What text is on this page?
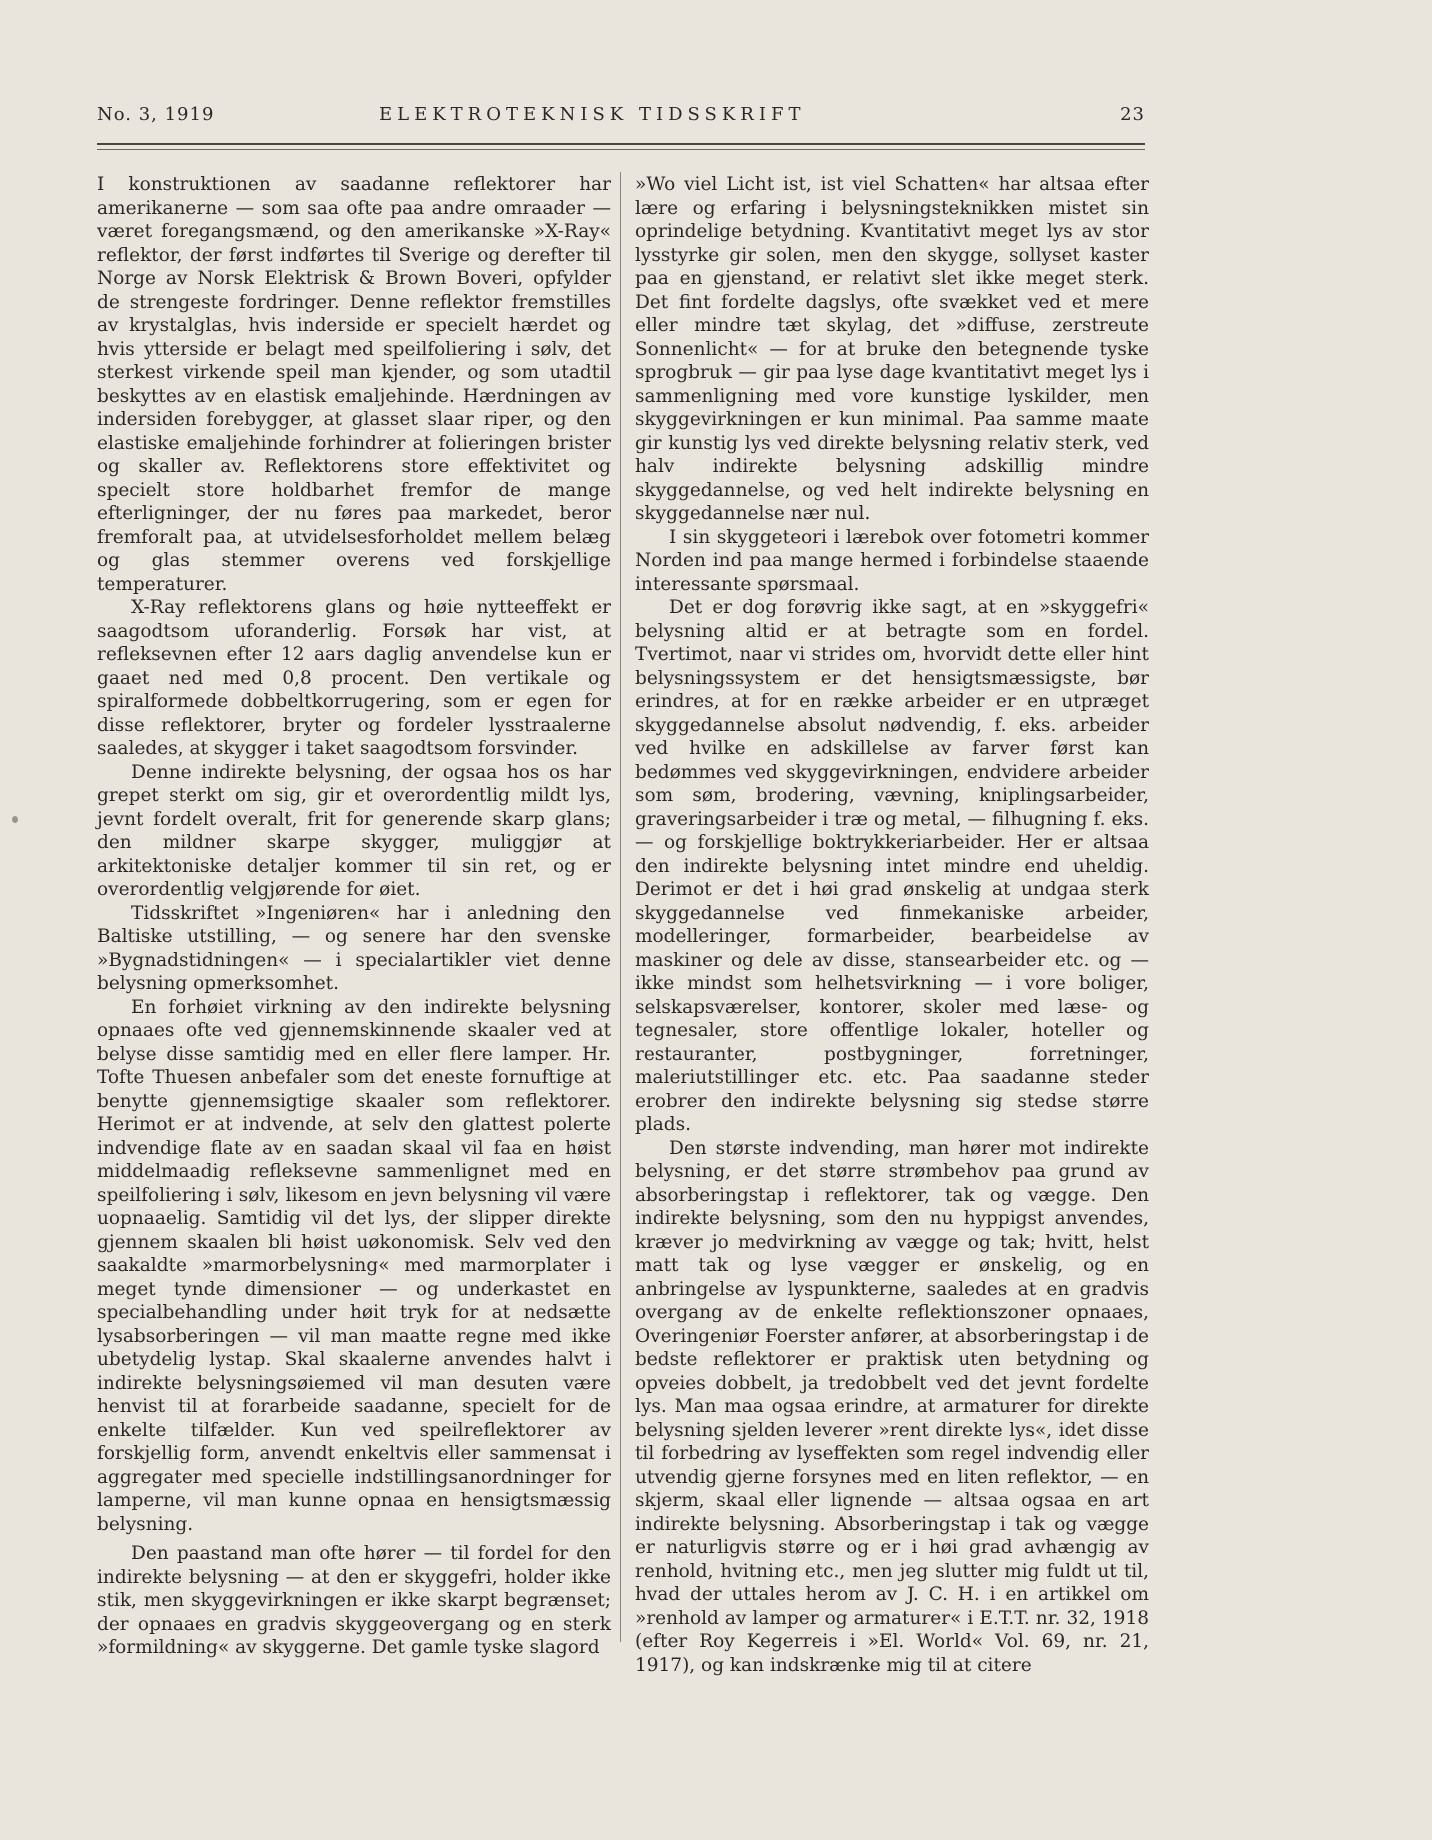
No. 3, 1919	ELEKTROTEKNISK TIDSSKRIFT	23

I konstruktionen av saadanne reflektorer har amerikanerne — som saa ofte paa andre omraader — været foregangsmænd, og den amerikanske »X-Ray« reflektor, der først indførtes til Sverige og derefter til Norge av Norsk Elektrisk & Brown Boveri, opfylder de strengeste fordringer. Denne reflektor fremstilles av krystalglas, hvis inderside er specielt hærdet og hvis ytterside er belagt med speilfoliering i sølv, det sterkest virkende speil man kjender, og som utadtil beskyttes av en elastisk emaljehinde. Hærdningen av indersiden forebygger, at glasset slaar riper, og den elastiske emaljehinde forhindrer at folieringen brister og skaller av. Reflektorens store effektivitet og specielt store holdbarhet fremfor de mange efterligninger, der nu føres paa markedet, beror fremforalt paa, at utvidelsesforholdet mellem belæg og glas stemmer overens ved forskjellige temperaturer.

X-Ray reflektorens glans og høie nytteeffekt er saagodtsom uforanderlig. Forsøk har vist, at refleksevnen efter 12 aars daglig anvendelse kun er gaaet ned med 0,8 procent. Den vertikale og spiralformede dobbeltkorrugering, som er egen for disse reflektorer, bryter og fordeler lysstraalerne saaledes, at skygger i taket saagodtsom forsvinder.

Denne indirekte belysning, der ogsaa hos os har grepet sterkt om sig, gir et overordentlig mildt lys, jevnt fordelt overalt, frit for generende skarp glans; den mildner skarpe skygger, muliggjør at arkitektoniske detaljer kommer til sin ret, og er overordentlig velgjørende for øiet.

Tidsskriftet »Ingeniøren« har i anledning den Baltiske utstilling, — og senere har den svenske »Bygnadstidningen« — i specialartikler viet denne belysning opmerksomhet.

En forhøiet virkning av den indirekte belysning opnaaes ofte ved gjennemskinnende skaaler ved at belyse disse samtidig med en eller flere lamper. Hr. Tofte Thuesen anbefaler som det eneste fornuftige at benytte gjennemsigtige skaaler som reflektorer. Herimot er at indvende, at selv den glattest polerte indvendige flate av en saadan skaal vil faa en høist middelmaadig refleksevne sammenlignet med en speilfoliering i sølv, likesom en jevn belysning vil være uopnaaelig. Samtidig vil det lys, der slipper direkte gjennem skaalen bli høist uøkonomisk. Selv ved den saakaldte »marmorbelysning« med marmorplater i meget tynde dimensioner — og underkastet en specialbehandling under høit tryk for at nedsætte lysabsorberingen — vil man maatte regne med ikke ubetydelig lystap. Skal skaalerne anvendes halvt i indirekte belysningsøiemed vil man desuten være henvist til at forarbeide saadanne, specielt for de enkelte tilfælder. Kun ved speilreflektorer av forskjellig form, anvendt enkeltvis eller sammensat i aggregater med specielle indstillingsanordninger for lamperne, vil man kunne opnaa en hensigtsmæssig belysning.

Den paastand man ofte hører — til fordel for den indirekte belysning — at den er skyggefri, holder ikke stik, men skyggevirkningen er ikke skarpt begrænset; der opnaaes en gradvis skyggeovergang og en sterk »formildning« av skyggerne. Det gamle tyske slagord

»Wo viel Licht ist, ist viel Schatten« har altsaa efter lære og erfaring i belysningsteknikken mistet sin oprindelige betydning. Kvantitativt meget lys av stor lysstyrke gir solen, men den skygge, sollyset kaster paa en gjenstand, er relativt slet ikke meget sterk. Det fint fordelte dagslys, ofte svækket ved et mere eller mindre tæt skylag, det »diffuse, zerstreute Sonnenlicht« — for at bruke den betegnende tyske sprogbruk — gir paa lyse dage kvantitativt meget lys i sammenligning med vore kunstige lyskilder, men skyggevirkningen er kun minimal. Paa samme maate gir kunstig lys ved direkte belysning relativ sterk, ved halv indirekte belysning adskillig mindre skyggedannelse, og ved helt indirekte belysning en skyggedannelse nær nul.

I sin skyggeteori i lærebok over fotometri kommer Norden ind paa mange hermed i forbindelse staaende interessante spørsmaal.

Det er dog forøvrig ikke sagt, at en »skyggefri« belysning altid er at betragte som en fordel. Tvertimot, naar vi strides om, hvorvidt dette eller hint belysningssystem er det hensigtsmæssigste, bør erindres, at for en række arbeider er en utpræget skyggedannelse absolut nødvendig, f. eks. arbeider ved hvilke en adskillelse av farver først kan bedømmes ved skyggevirkningen, endvidere arbeider som søm, brodering, vævning, kniplingsarbeider, graveringsarbeider i træ og metal, — filhugning f. eks. — og forskjellige boktrykkeriarbeider. Her er altsaa den indirekte belysning intet mindre end uheldig. Derimot er det i høi grad ønskelig at undgaa sterk skyggedannelse ved finmekaniske arbeider, modelleringer, formarbeider, bearbeidelse av maskiner og dele av disse, stansearbeider etc. og — ikke mindst som helhetsvirkning — i vore boliger, selskapsværelser, kontorer, skoler med læse- og tegnesaler, store offentlige lokaler, hoteller og restauranter, postbygninger, forretninger, maleriutstillinger etc. etc. Paa saadanne steder erobrer den indirekte belysning sig stedse større plads.

Den største indvending, man hører mot indirekte belysning, er det større strømbehov paa grund av absorberingstap i reflektorer, tak og vægge. Den indirekte belysning, som den nu hyppigst anvendes, kræver jo medvirkning av vægge og tak; hvitt, helst matt tak og lyse vægger er ønskelig, og en anbringelse av lyspunkterne, saaledes at en gradvis overgang av de enkelte reflektionszoner opnaaes, Overingeniør Foerster anfører, at absorberingstap i de bedste reflektorer er praktisk uten betydning og opveies dobbelt, ja tredobbelt ved det jevnt fordelte lys. Man maa ogsaa erindre, at armaturer for direkte belysning sjelden leverer »rent direkte lys«, idet disse til forbedring av lyseffekten som regel indvendig eller utvendig gjerne forsynes med en liten reflektor, — en skjerm, skaal eller lignende — altsaa ogsaa en art indirekte belysning. Absorberingstap i tak og vægge er naturligvis større og er i høi grad avhængig av renhold, hvitning etc., men jeg slutter mig fuldt ut til, hvad der uttales herom av J. C. H. i en artikkel om »renhold av lamper og armaturer« i E.T.T. nr. 32, 1918 (efter Roy Kegerreis i »El. World« Vol. 69, nr. 21, 1917), og kan indskrænke mig til at citere
